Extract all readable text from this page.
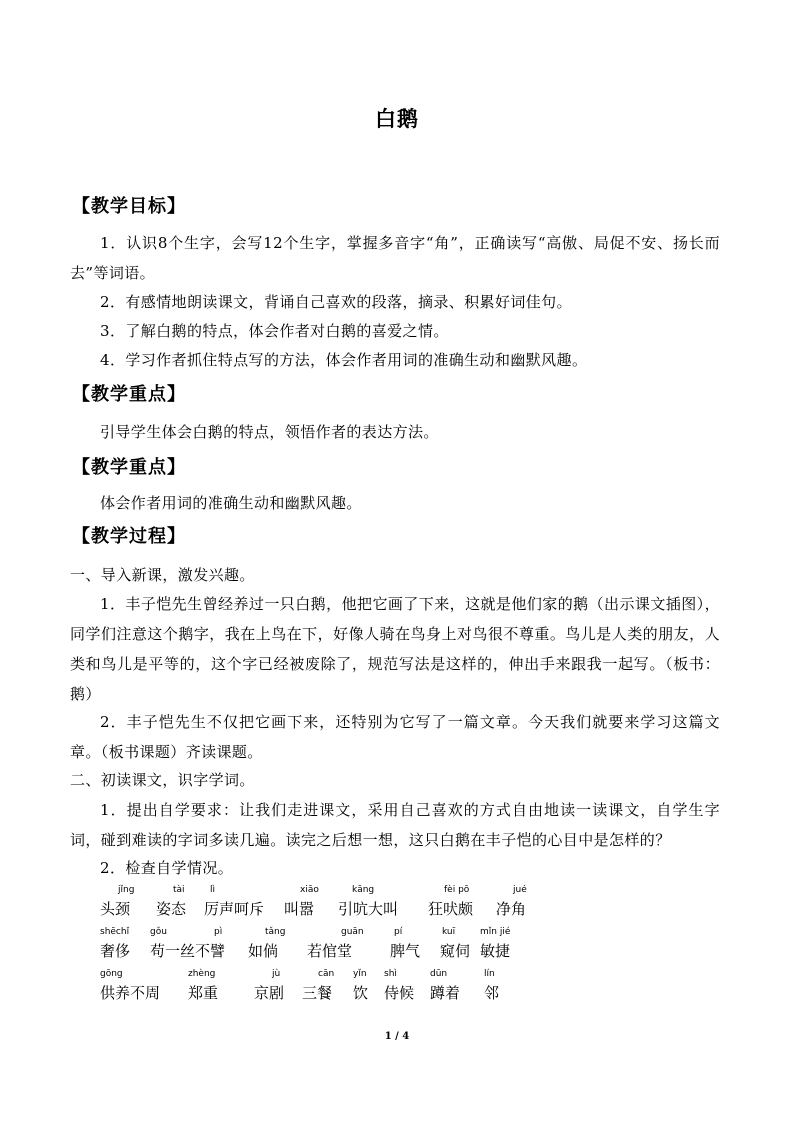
白鹅
【教学目标】
1．认识8个生字，会写12个生字，掌握多音字“角”，正确读写“高傲、局促不安、扬长而去”等词语。
2．有感情地朗读课文，背诵自己喜欢的段落，摘录、积累好词佳句。
3．了解白鹅的特点，体会作者对白鹅的喜爱之情。
4．学习作者抓住特点写的方法，体会作者用词的准确生动和幽默风趣。
【教学重点】
引导学生体会白鹅的特点，领悟作者的表达方法。
【教学重点】
体会作者用词的准确生动和幽默风趣。
【教学过程】
一、导入新课，激发兴趣。
1．丰子恺先生曾经养过一只白鹅，他把它画了下来，这就是他们家的鹅（出示课文插图），同学们注意这个鹅字，我在上鸟在下，好像人骑在鸟身上对鸟很不尊重。鸟儿是人类的朋友，人类和鸟儿是平等的，这个字已经被废除了，规范写法是这样的，伸出手来跟我一起写。（板书：鹅）
2．丰子恺先生不仅把它画下来，还特别为它写了一篇文章。今天我们就要来学习这篇文章。（板书课题）齐读课题。
二、初读课文，识字学词。
1．提出自学要求：让我们走进课文，采用自己喜欢的方式自由地读一读课文，自学生字词，碰到难读的字词多读几遍。读完之后想一想，这只白鹅在丰子恺的心目中是怎样的？
2．检查自学情况。
jǐng
头颈
tài
姿态
lì
厉声呵斥
xiāo
叫嚣
kāng
引吭大叫
fèi pō
狂吠颇
jué
净角
shēchǐ
奢侈
gǒu
苟一丝不
pì
譬
tǎng
如倘
guān
若倌堂
pí
脾气
kuī
窥伺
mǐn jié
敏捷
gōng
供养不周
zhèng
郑重
jù
京剧
cān
三餐
yǐn
饮
shì
侍候
dūn
蹲着
lín
邻
1 / 4
